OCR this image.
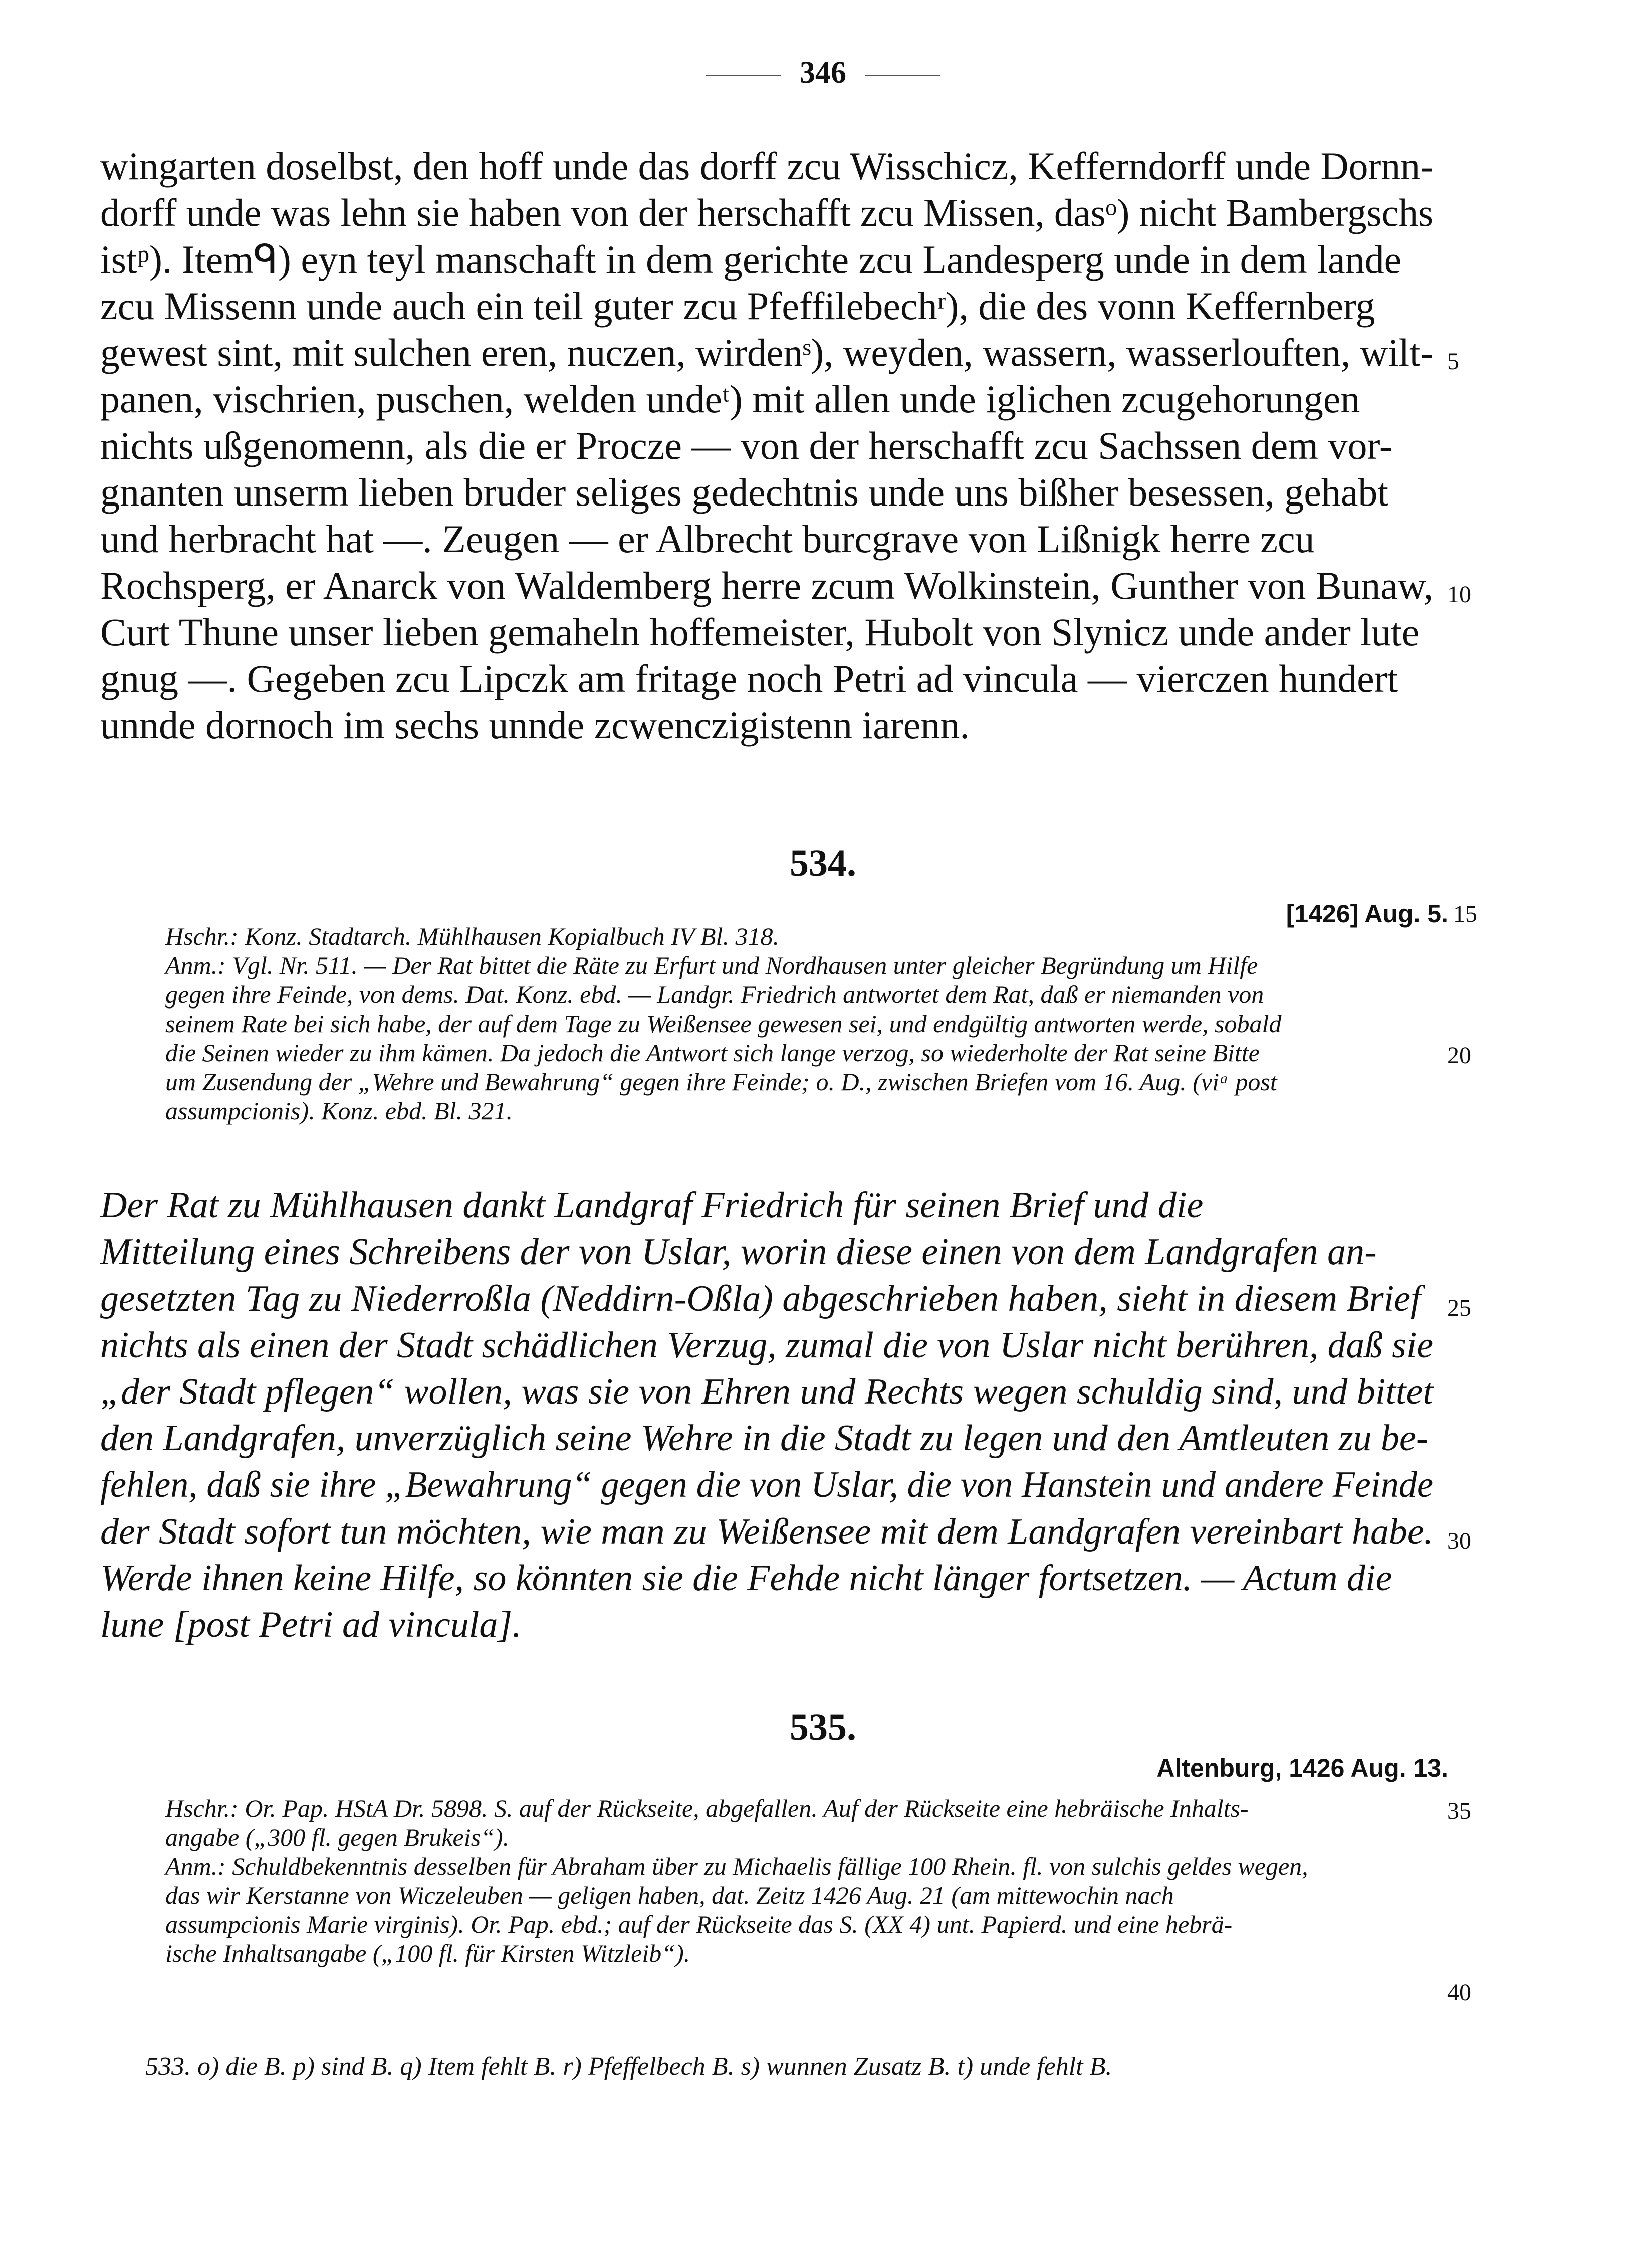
346
wingarten doselbst, den hoff unde das dorff zcu Wisschicz, Kefferndorff unde Dornn-
dorff unde was lehn sie haben von der herschafft zcu Missen, dasᵒ) nicht Bambergschs
istᵖ). Itemᑫ) eyn teyl manschaft in dem gerichte zcu Landesperg unde in dem lande
zcu Missenn unde auch ein teil guter zcu Pfeffilebechʳ), die des vonn Keffernberg
gewest sint, mit sulchen eren, nuczen, wirdenˢ), weyden, wassern, wasserlouften, wilt- 5
panen, vischrien, puschen, welden undeᵗ) mit allen unde iglichen zcugehorungen
nichts ußgenomenn, als die er Procze — von der herschafft zcu Sachssen dem vor-
gnanten unserm lieben bruder seliges gedechtnis unde uns bißher besessen, gehabt
und herbracht hat —. Zeugen — er Albrecht burcgrave von Lißnigk herre zcu
Rochsperg, er Anarck von Waldemberg herre zcum Wolkinstein, Gunther von Bunaw, 10
Curt Thune unser lieben gemaheln hoffemeister, Hubolt von Slynicz unde ander lute
gnug —. Gegeben zcu Lipczk am fritage noch Petri ad vincula — vierczen hundert
unnde dornoch im sechs unnde zcwenczigistenn iarenn.
534.
[1426] Aug. 5. 15
Hschr.: Konz. Stadtarch. Mühlhausen Kopialbuch IV Bl. 318.
Anm.: Vgl. Nr. 511. — Der Rat bittet die Räte zu Erfurt und Nordhausen unter gleicher Begründung um Hilfe
gegen ihre Feinde, von dems. Dat. Konz. ebd. — Landgr. Friedrich antwortet dem Rat, daß er niemanden von
seinem Rate bei sich habe, der auf dem Tage zu Weißensee gewesen sei, und endgültig antworten werde, sobald
die Seinen wieder zu ihm kämen. Da jedoch die Antwort sich lange verzog, so wiederholte der Rat seine Bitte	20
um Zusendung der „Wehre und Bewahrung“ gegen ihre Feinde; o. D., zwischen Briefen vom 16. Aug. (viᵃ post
assumpcionis). Konz. ebd. Bl. 321.
Der Rat zu Mühlhausen dankt Landgraf Friedrich für seinen Brief und die
Mitteilung eines Schreibens der von Uslar, worin diese einen von dem Landgrafen an-
gesetzten Tag zu Niederroßla (Neddirn-Oßla) abgeschrieben haben, sieht in diesem Brief 25
nichts als einen der Stadt schädlichen Verzug, zumal die von Uslar nicht berühren, daß sie
„der Stadt pflegen“ wollen, was sie von Ehren und Rechts wegen schuldig sind, und bittet
den Landgrafen, unverzüglich seine Wehre in die Stadt zu legen und den Amtleuten zu be-
fehlen, daß sie ihre „Bewahrung“ gegen die von Uslar, die von Hanstein und andere Feinde
der Stadt sofort tun möchten, wie man zu Weißensee mit dem Landgrafen vereinbart habe. 30
Werde ihnen keine Hilfe, so könnten sie die Fehde nicht länger fortsetzen. — Actum die
lune [post Petri ad vincula].
535.
Altenburg, 1426 Aug. 13.
Hschr.: Or. Pap. HStA Dr. 5898. S. auf der Rückseite, abgefallen. Auf der Rückseite eine hebräische Inhalts-	35
angabe („300 fl. gegen Brukeis“).
Anm.: Schuldbekenntnis desselben für Abraham über zu Michaelis fällige 100 Rhein. fl. von sulchis geldes wegen,
das wir Kerstanne von Wiczeleuben — geligen haben, dat. Zeitz 1426 Aug. 21 (am mittewochin nach
assumpcionis Marie virginis). Or. Pap. ebd.; auf der Rückseite das S. (XX 4) unt. Papierd. und eine hebrä-
ische Inhaltsangabe („100 fl. für Kirsten Witzleib“).
40
533. o) die B. p) sind B. q) Item fehlt B. r) Pfeffelbech B. s) wunnen Zusatz B. t) unde fehlt B.
